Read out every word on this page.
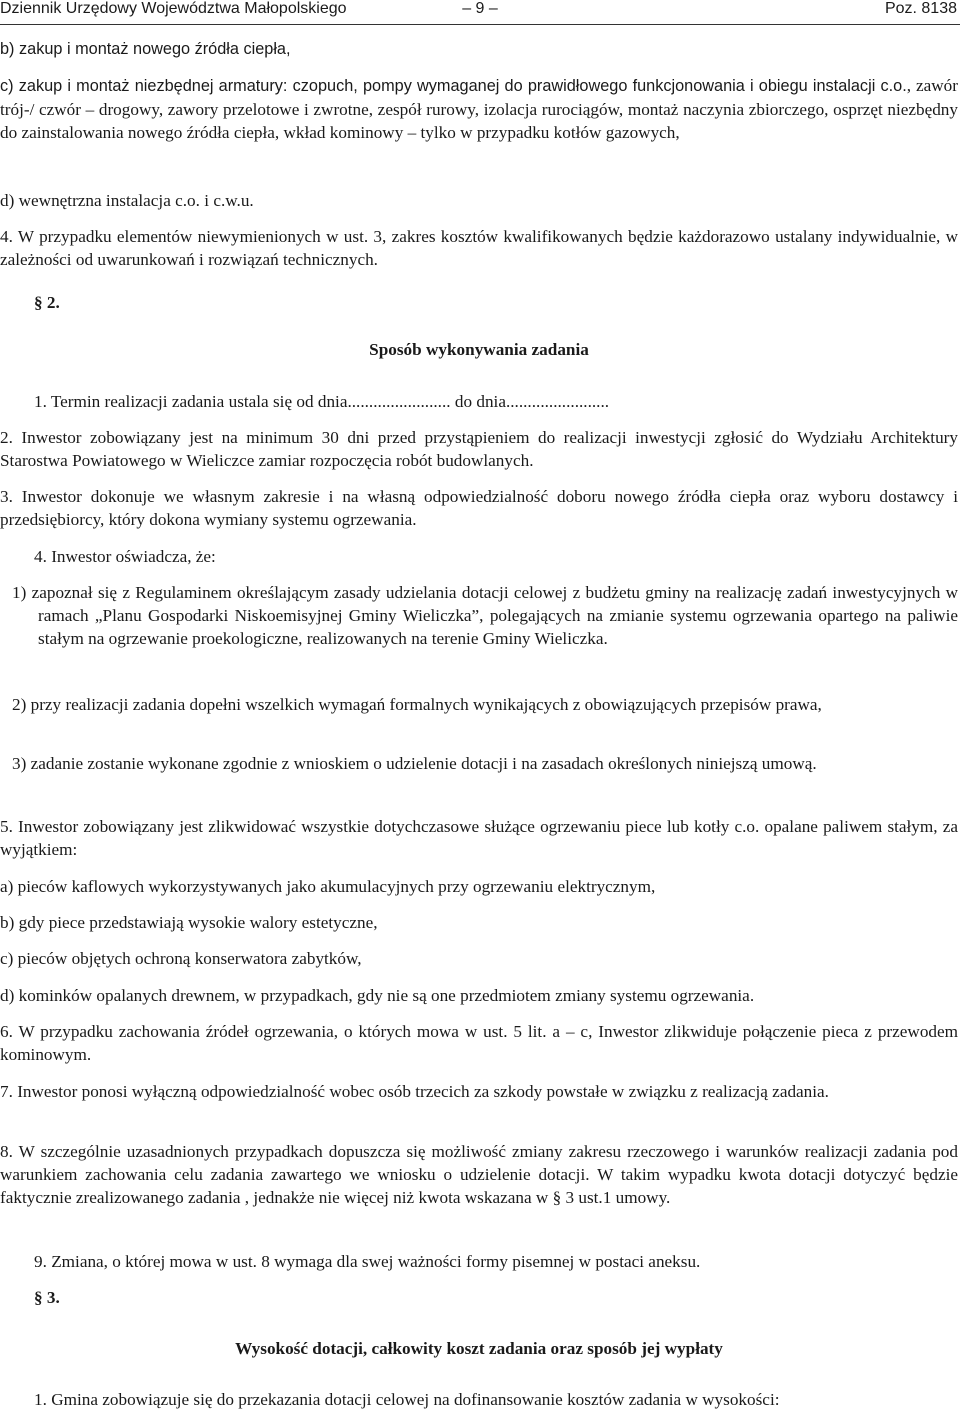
Dziennik Urzędowy Województwa Małopolskiego	– 9 –	Poz. 8138

b) zakup i montaż nowego źródła ciepła,

c) zakup i montaż niezbędnej armatury: czopuch, pompy wymaganej do prawidłowego funkcjonowania i obiegu instalacji c.o., zawór trój-/ czwór – drogowy, zawory przelotowe i zwrotne, zespół rurowy, izolacja rurociągów, montaż naczynia zbiorczego, osprzęt niezbędny do zainstalowania nowego źródła ciepła, wkład kominowy – tylko w przypadku kotłów gazowych,

d) wewnętrzna instalacja c.o. i c.w.u.

4. W przypadku elementów niewymienionych w ust. 3, zakres kosztów kwalifikowanych będzie każdorazowo ustalany indywidualnie, w zależności od uwarunkowań i rozwiązań technicznych.

§ 2.

Sposób wykonywania zadania

1. Termin realizacji zadania ustala się od dnia........................ do dnia........................

2. Inwestor zobowiązany jest na minimum 30 dni przed przystąpieniem do realizacji inwestycji zgłosić do Wydziału Architektury Starostwa Powiatowego w Wieliczce zamiar rozpoczęcia robót budowlanych.

3. Inwestor dokonuje we własnym zakresie i na własną odpowiedzialność doboru nowego źródła ciepła oraz wyboru dostawcy i przedsiębiorcy, który dokona wymiany systemu ogrzewania.

4. Inwestor oświadcza, że:

1) zapoznał się z Regulaminem określającym zasady udzielania dotacji celowej z budżetu gminy na realizację zadań inwestycyjnych w ramach „Planu Gospodarki Niskoemisyjnej Gminy Wieliczka”, polegających na zmianie systemu ogrzewania opartego na paliwie stałym na ogrzewanie proekologiczne, realizowanych na terenie Gminy Wieliczka.

2) przy realizacji zadania dopełni wszelkich wymagań formalnych wynikających z obowiązujących przepisów prawa,

3) zadanie zostanie wykonane zgodnie z wnioskiem o udzielenie dotacji i na zasadach określonych niniejszą umową.

5. Inwestor zobowiązany jest zlikwidować wszystkie dotychczasowe służące ogrzewaniu piece lub kotły c.o. opalane paliwem stałym, za wyjątkiem:

a) pieców kaflowych wykorzystywanych jako akumulacyjnych przy ogrzewaniu elektrycznym,

b) gdy piece przedstawiają wysokie walory estetyczne,

c) pieców objętych ochroną konserwatora zabytków,

d) kominków opalanych drewnem, w przypadkach, gdy nie są one przedmiotem zmiany systemu ogrzewania.

6. W przypadku zachowania źródeł ogrzewania, o których mowa w ust. 5 lit. a – c, Inwestor zlikwiduje połączenie pieca z przewodem kominowym.

7. Inwestor ponosi wyłączną odpowiedzialność wobec osób trzecich za szkody powstałe w związku z realizacją zadania.

8. W szczególnie uzasadnionych przypadkach dopuszcza się możliwość zmiany zakresu rzeczowego i warunków realizacji zadania pod warunkiem zachowania celu zadania zawartego we wniosku o udzielenie dotacji. W takim wypadku kwota dotacji dotyczyć będzie faktycznie zrealizowanego zadania , jednakże nie więcej niż kwota wskazana w § 3 ust.1 umowy.

9. Zmiana, o której mowa w ust. 8 wymaga dla swej ważności formy pisemnej w postaci aneksu.

§ 3.

Wysokość dotacji, całkowity koszt zadania oraz sposób jej wypłaty

1. Gmina zobowiązuje się do przekazania dotacji celowej na dofinansowanie kosztów zadania w wysokości:
